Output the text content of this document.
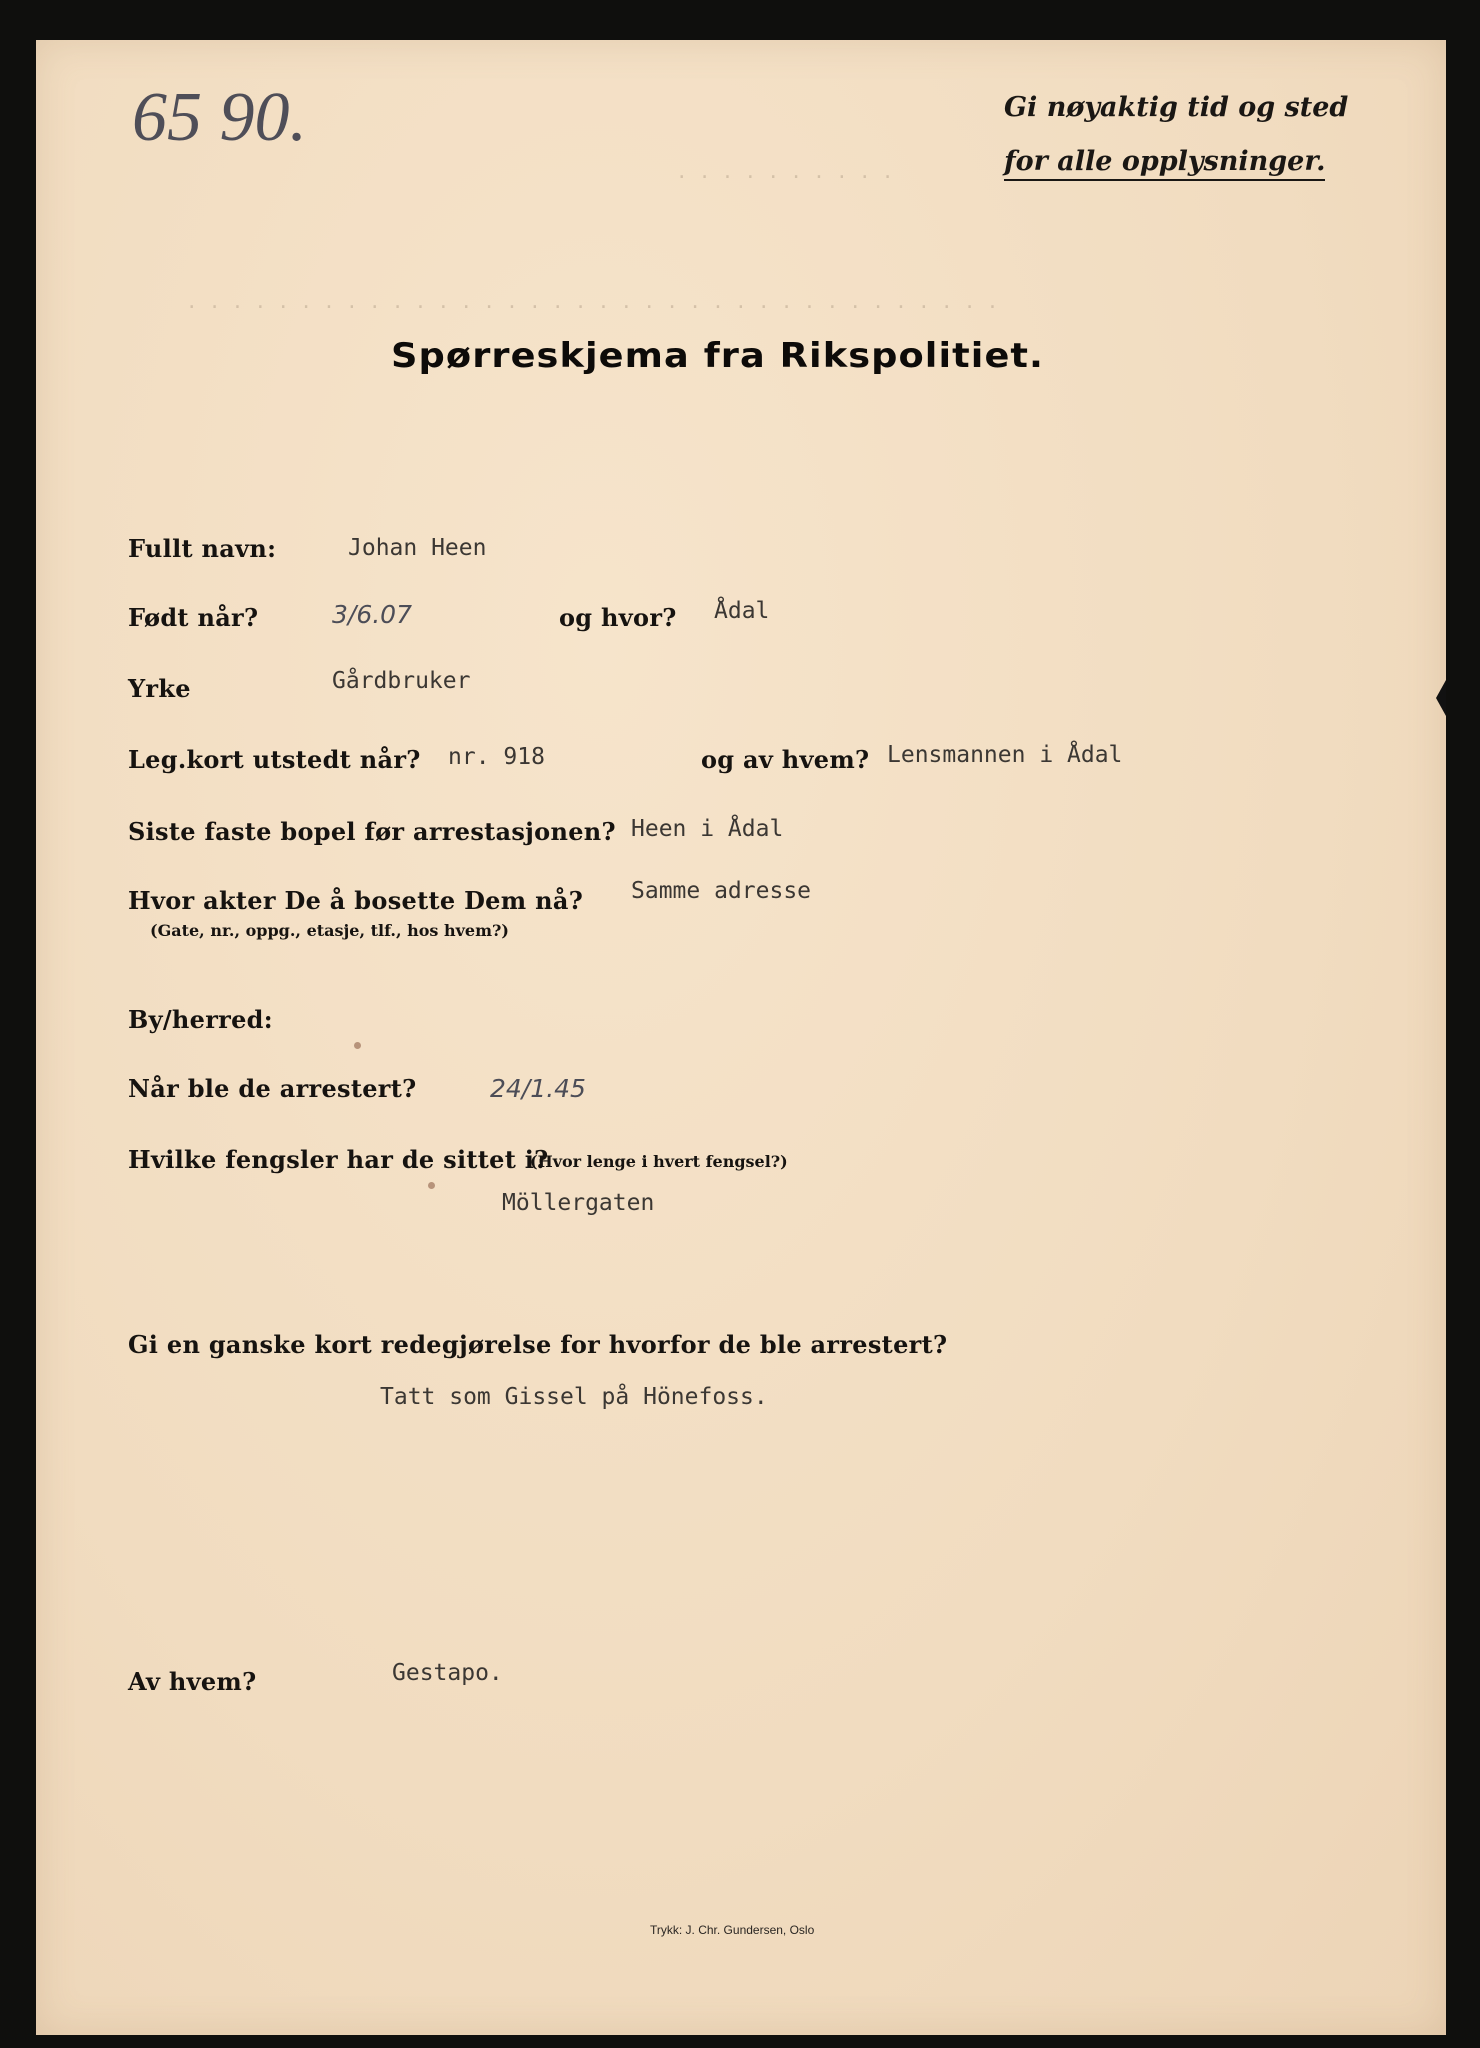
65 90.	Gi nøyaktig tid og sted
for alle opplysninger.
· · · · · · · · · ·
· · · · · · · · · · · · · · · · · · · · · · · · · · · · · · · · · · · ·
Spørreskjema fra Rikspolitiet.
Fullt navn:	Johan Heen
Født når?	3/6.07	og hvor? Ådal
Yrke	Gårdbruker
Leg.kort utstedt når? nr. 918	og av hvem? Lensmannen i Ådal
Siste faste bopel før arrestasjonen? Heen i Ådal
Hvor akter De å bosette Dem nå?
(Gate, nr., oppg., etasje, tlf., hos hvem?)
Samme adresse
By/herred:
Når ble de arrestert?	24/1.45
Hvilke fengsler har de sittet i?
(Hvor lenge i hvert fengsel?)
Möllergaten
Gi en ganske kort redegjørelse for hvorfor de ble arrestert?
Tatt som Gissel på Hönefoss.
Av hvem?	Gestapo.
Trykk: J. Chr. Gundersen, Oslo
